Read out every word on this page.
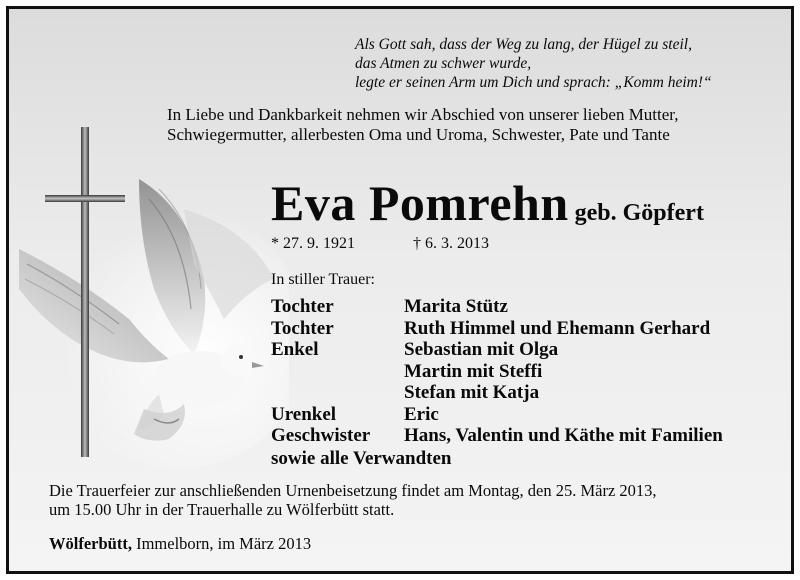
Als Gott sah, dass der Weg zu lang, der Hügel zu steil,
das Atmen zu schwer wurde,
legte er seinen Arm um Dich und sprach: „Komm heim!“
In Liebe und Dankbarkeit nehmen wir Abschied von unserer lieben Mutter,
Schwiegermutter, allerbesten Oma und Uroma, Schwester, Pate und Tante
Eva Pomrehn geb. Göpfert
* 27. 9. 1921	† 6. 3. 2013
In stiller Trauer:
Tochter	Marita Stütz
Tochter	Ruth Himmel und Ehemann Gerhard
Enkel	Sebastian mit Olga
Martin mit Steffi
Stefan mit Katja
Urenkel	Eric
Geschwister Hans, Valentin und Käthe mit Familien
sowie alle Verwandten
Die Trauerfeier zur anschließenden Urnenbeisetzung findet am Montag, den 25. März 2013,
um 15.00 Uhr in der Trauerhalle zu Wölferbütt statt.
Wölferbütt, Immelborn, im März 2013
